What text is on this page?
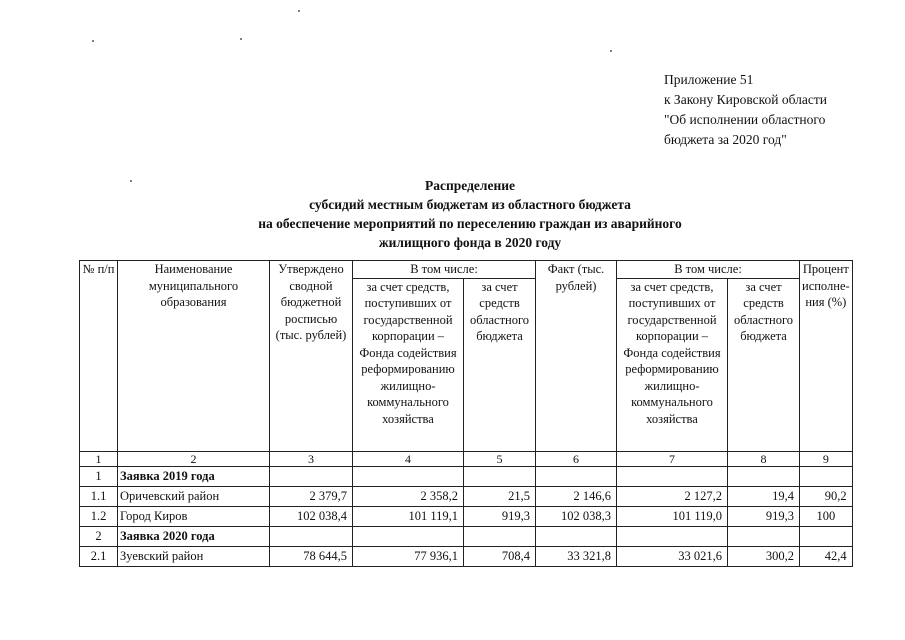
Приложение 51
к Закону Кировской области
"Об исполнении областного
бюджета за 2020 год"
Распределение
субсидий местным бюджетам из областного бюджета
на обеспечение мероприятий по переселению граждан из аварийного
жилищного фонда в 2020 году
№ п/п	Наименование муниципального образования	Утверждено сводной бюджетной росписью (тыс. рублей)	В том числе:		Факт (тыс. рублей)	В том числе:		Процент исполне-ния (%)
			за счет средств, поступивших от государственной корпорации – Фонда содействия реформированию жилищно-коммунального хозяйства	за счет средств областного бюджета		за счет средств, поступивших от государственной корпорации – Фонда содействия реформированию жилищно-коммунального хозяйства	за счет средств областного бюджета	
1	2	3	4	5	6	7	8	9
1	Заявка 2019 года							
1.1	Оричевский район	2 379,7	2 358,2	21,5	2 146,6	2 127,2	19,4	90,2
1.2	Город Киров	102 038,4	101 119,1	919,3	102 038,3	101 119,0	919,3	100
2	Заявка 2020 года							
2.1	Зуевский район	78 644,5	77 936,1	708,4	33 321,8	33 021,6	300,2	42,4
